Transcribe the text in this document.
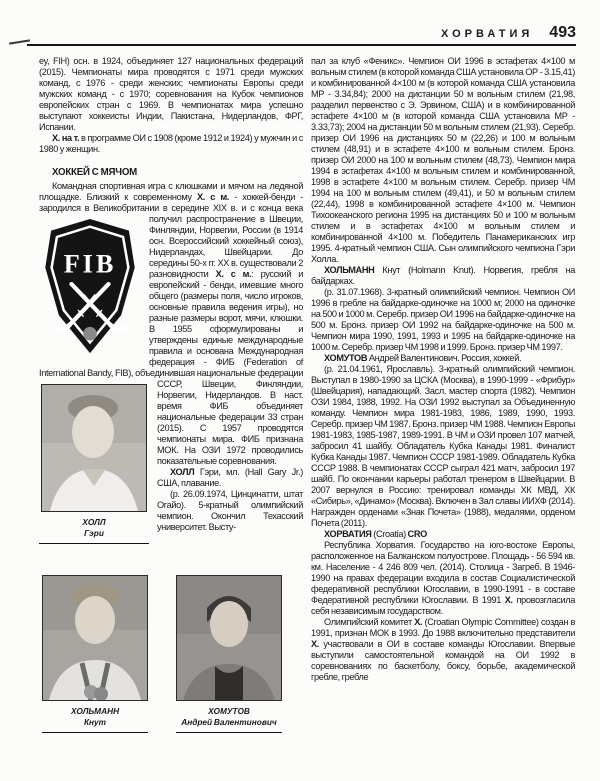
ХОРВАТИЯ 493

еу, FIH) осн. в 1924, объединяет 127 национальных федераций (2015). Чемпионаты мира проводятся с 1971 среди мужских команд, с 1976 - среди женских; чемпионаты Европы среди мужских команд - с 1970; соревнования на Кубок чемпионов европейских стран с 1969. В чемпионатах мира успешно выступают хоккеисты Индии, Пакистана, Нидерландов, ФРГ, Испании.

Х. на т. в программе ОИ с 1908 (кроме 1912 и 1924) у мужчин и с 1980 у женщин.

ХОККЕЙ С МЯЧОМ
Командная спортивная игра с клюшками и мячом на ледяной площадке. Близкий к современному Х. с м. - хоккей-бенди - зародился в Великобритании в середине XIX в. и с конца века получил распространение в
FIB
Швеции, Финляндии, Норвегии, России (в 1914 осн. Всероссийский хоккейный союз), Нидерландах, Швейцарии. До середины 50-х гг. ХХ в. существовали 2 разновидности Х. с м.: русский и европейский - бенди, имевшие много общего (размеры поля, число игроков, основные правила ведения игры), но разные размеры ворот, мячи, клюшки. В 1955 сформулированы и утверждены единые международные правила и основана Международная федерация - ФИБ (Federation of International Bandy, FIB), объединившая национальные федерации СССР, Швеции,
ХОЛЛ
Гэри
Финляндии, Норвегии, Нидерландов. В наст. время ФИБ объединяет национальные федерации 33 стран (2015). С 1957 проводятся чемпионаты мира. ФИБ признана МОК. На ОЗИ 1972 проводились показательные соревнования.

ХОЛЛ Гэри, мл. (Hall Gary Jr.) США, плавание.

(р. 26.09.1974, Цинцинатти, штат Огайо). 5-кратный олимпийский чемпион. Окончил Техасский университет. Высту-

ХОЛЬМАНН
Кнут
ХОМУТОВ
Андрей Валентинович

пал за клуб «Феникс». Чемпион ОИ 1996 в эстафетах 4×100 м вольным стилем (в которой команда США установила ОР - 3.15,41) и комбинированной 4×100 м (в которой команда США установила МР - 3.34,84); 2000 на дистанции 50 м вольным стилем (21,98, разделил первенство с Э. Эрвином, США) и в комбинированной эстафете 4×100 м (в которой команда США установила МР - 3.33,73); 2004 на дистанции 50 м вольным стилем (21,93). Серебр. призер ОИ 1996 на дистанциях 50 м (22,26) и 100 м вольным стилем (48,91) и в эстафете 4×100 м вольным стилем. Бронз. призер ОИ 2000 на 100 м вольным стилем (48,73). Чемпион мира 1994 в эстафетах 4×100 м вольным стилем и комбинированной, 1998 в эстафете 4×100 м вольным стилем. Серебр. призер ЧМ 1994 на 100 м вольным стилем (49,41), и 50 м вольным стилем (22,44), 1998 в комбинированной эстафете 4×100 м. Чемпион Тихоокеанского региона 1995 на дистанциях 50 и 100 м вольным стилем и в эстафетах 4×100 м вольным стилем и комбинированной 4×100 м. Победитель Панамериканских игр 1995. 4-кратный чемпион США. Сын олимпийского чемпиона Гэри Холла.

ХОЛЬМАНН Кнут (Holmann Knut). Норвегия, гребля на байдарках.

(р. 31.07.1968). 3-кратный олимпийский чемпион. Чемпион ОИ 1996 в гребле на байдарке-одиночке на 1000 м; 2000 на одиночке на 500 и 1000 м. Серебр. призер ОИ 1996 на байдарке-одиночке на 500 м. Бронз. призер ОИ 1992 на байдарке-одиночке на 500 м. Чемпион мира 1990, 1991, 1993 и 1995 на байдарке-одиночке на 1000 м. Серебр. призер ЧМ 1998 и 1999. Бронз. призер ЧМ 1997.

ХОМУТОВ Андрей Валентинович. Россия, хоккей.

(р. 21.04.1961, Ярославль). 3-кратный олимпийский чемпион. Выступал в 1980-1990 за ЦСКА (Москва), в 1990-1999 - «Фрибур» (Швейцария), нападающий. Засл. мастер спорта (1982). Чемпион ОЗИ 1984, 1988, 1992. На ОЗИ 1992 выступал за Объединенную команду. Чемпион мира 1981-1983, 1986, 1989, 1990, 1993. Серебр. призер ЧМ 1987. Бронз. призер ЧМ 1988. Чемпион Европы 1981-1983, 1985-1987, 1989-1991. В ЧМ и ОЗИ провел 107 матчей, забросил 41 шайбу. Обладатель Кубка Канады 1981. Финалист Кубка Канады 1987. Чемпион СССР 1981-1989. Обладатель Кубка СССР 1988. В чемпионатах СССР сыграл 421 матч, забросил 197 шайб. По окончании карьеры работал тренером в Швейцарии. В 2007 вернулся в Россию: тренировал команды ХК МВД, ХК «Сибирь», «Динамо» (Москва). Включен в Зал славы ИИХФ (2014). Награжден орденами «Знак Почета» (1988), медалями, орденом Почета (2011).

ХОРВАТИЯ (Croatia) CRO

Республика Хорватия. Государство на юго-востоке Европы, расположенное на Балканском полуострове. Площадь - 56 594 кв. км. Население - 4 246 809 чел. (2014). Столица - Загреб. В 1946-1990 на правах федерации входила в состав Социалистической федеративной республики Югославии, в 1990-1991 - в составе Федеративной республики Югославии. В 1991 Х. провозгласила себя независимым государством.

Олимпийский комитет Х. (Croatian Olympic Committee) создан в 1991, признан МОК в 1993. До 1988 включительно представители Х. участвовали в ОИ в составе команды Югославии. Впервые выступили самостоятельной командой на ОИ 1992 в соревнованиях по баскетболу, боксу, борьбе, академической гребле, гребле
